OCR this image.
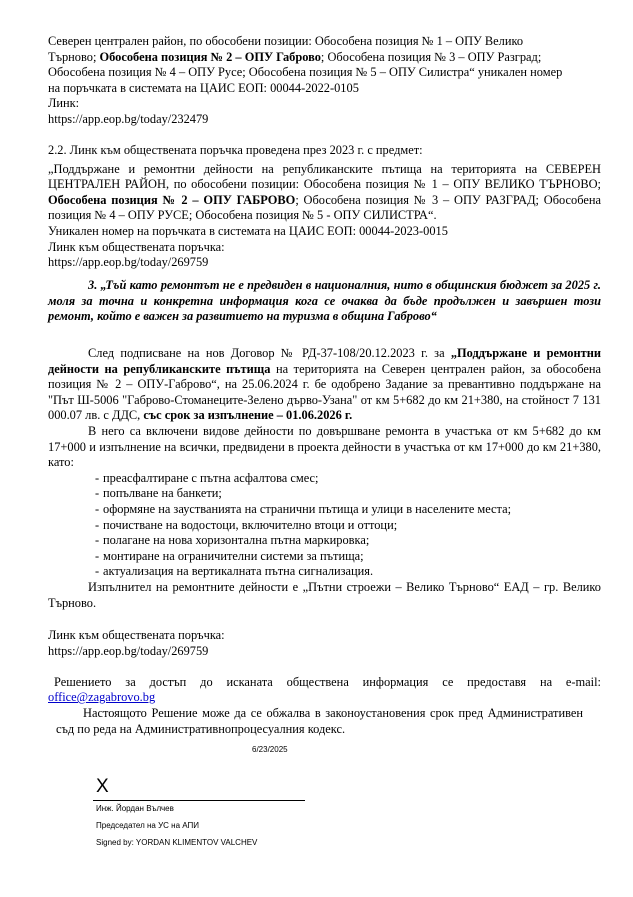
Северен централен район, по обособени позиции: Обособена позиция № 1 – ОПУ Велико

Търново; Обособена позиция № 2 – ОПУ Габрово; Обособена позиция № 3 – ОПУ Разград;

Обособена позиция № 4 – ОПУ Русе; Обособена позиция № 5 – ОПУ Силистра“ уникален номер

на поръчката в системата на ЦАИС ЕОП: 00044-2022-0105

Линк:

https://app.eop.bg/today/232479

2.2. Линк към обществената поръчка проведена през 2023 г. с предмет:

„Поддържане и ремонтни дейности на републиканските пътища на територията на СЕВЕРЕН ЦЕНТРАЛЕН РАЙОН, по обособени позиции: Обособена позиция № 1 – ОПУ ВЕЛИКО ТЪРНОВО; Обособена позиция № 2 – ОПУ ГАБРОВО; Обособена позиция № 3 – ОПУ РАЗГРАД; Обособена позиция № 4 – ОПУ РУСЕ; Обособена позиция № 5 - ОПУ СИЛИСТРА“.

Уникален номер на поръчката в системата на ЦАИС ЕОП: 00044-2023-0015

Линк към обществената поръчка:

https://app.eop.bg/today/269759

3. „Тъй като ремонтът не е предвиден в националния, нито в общинския бюджет за 2025 г. моля за точна и конкретна информация кога се очаква да бъде продължен и завършен този ремонт, който е важен за развитието на туризма в община Габрово“

След подписване на нов Договор № РД-37-108/20.12.2023 г. за „Поддържане и ремонтни дейности на републиканските пътища на територията на Северен централен район, за обособена позиция № 2 – ОПУ-Габрово“, на 25.06.2024 г. бе одобрено Задание за превантивно поддържане на "Път Ш-5006 "Габрово-Стоманеците-Зелено дърво-Узана" от км 5+682 до км 21+380, на стойност 7 131 000.07 лв. с ДДС, със срок за изпълнение – 01.06.2026 г.

В него са включени видове дейности по довършване ремонта в участъка от км 5+682 до км 17+000 и изпълнение на всички, предвидени в проекта дейности в участъка от км 17+000 до км 21+380, като:

- преасфалтиране с пътна асфалтова смес;
- попълване на банкети;
- оформяне на заустванията на странични пътища и улици в населените места;
- почистване на водостоци, включително втоци и оттоци;
- полагане на нова хоризонтална пътна маркировка;
- монтиране на ограничителни системи за пътища;
- актуализация на вертикалната пътна сигнализация.

Изпълнител на ремонтните дейности е „Пътни строежи – Велико Търново“ ЕАД – гр. Велико Търново.

Линк към обществената поръчка:

https://app.eop.bg/today/269759

Решението за достъп до исканата обществена информация се предоставя на e-mail:

office@zagabrovo.bg

Настоящото Решение може да се обжалва в законоустановения срок пред Административен съд по реда на Административнопроцесуалния кодекс.

6/23/2025
X
Инж. Йордан Вълчев
Председател на УС на АПИ
Signed by: YORDAN KLIMENTOV VALCHEV
